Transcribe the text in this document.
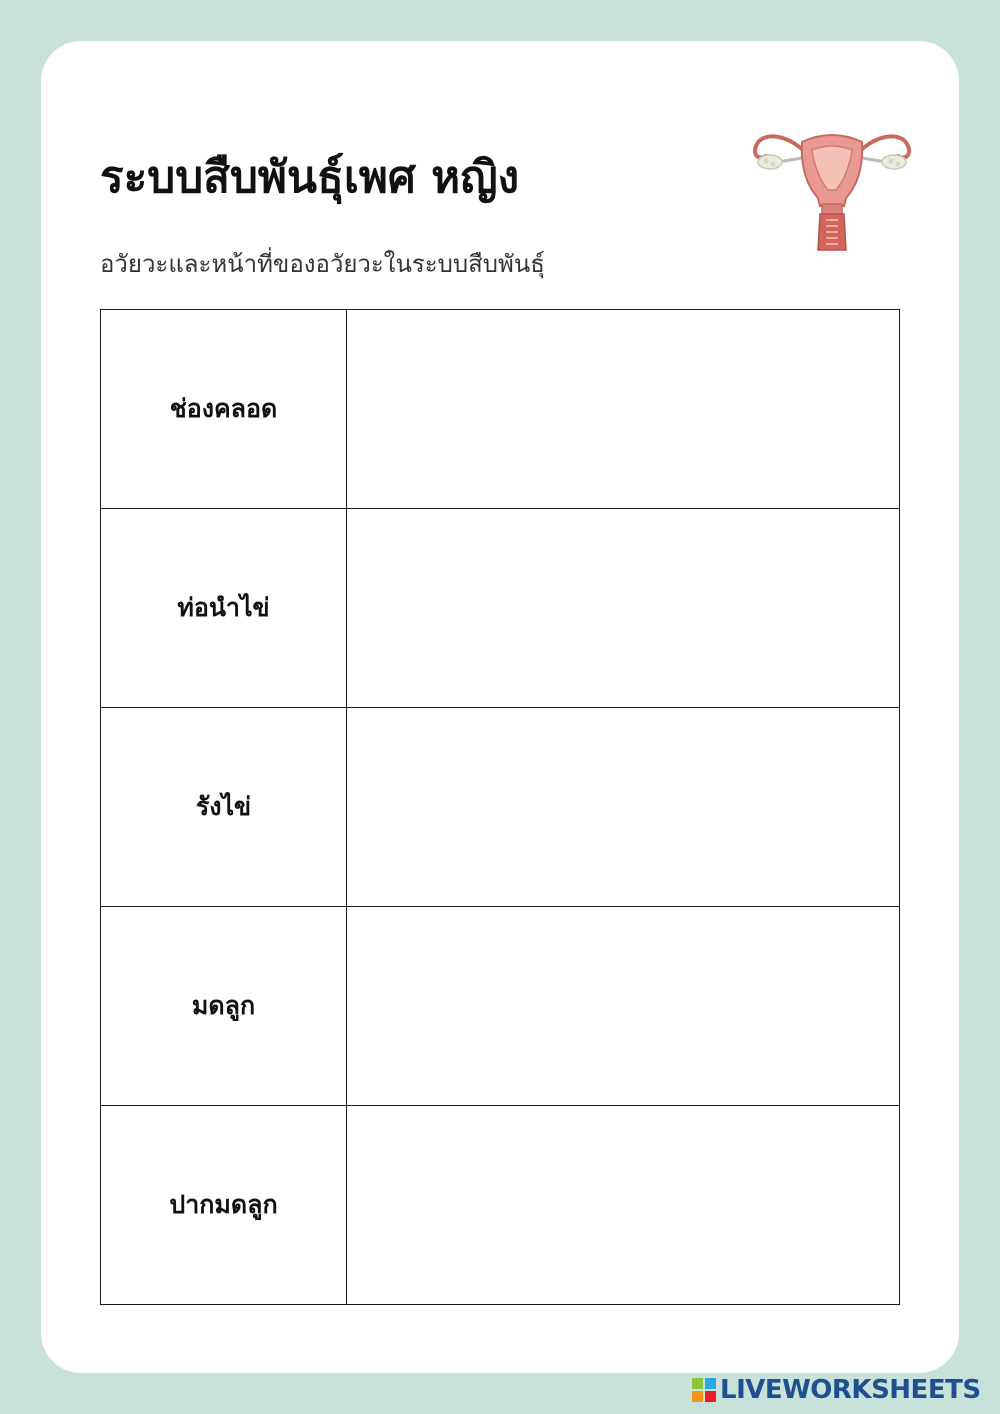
ระบบสืบพันธุ์เพศ หญิง

อวัยวะและหน้าที่ของอวัยวะในระบบสืบพันธุ์

ช่องคลอด	
ท่อนำไข่	
รังไข่	
มดลูก	
ปากมดลูก	
LIVEWORKSHEETS
